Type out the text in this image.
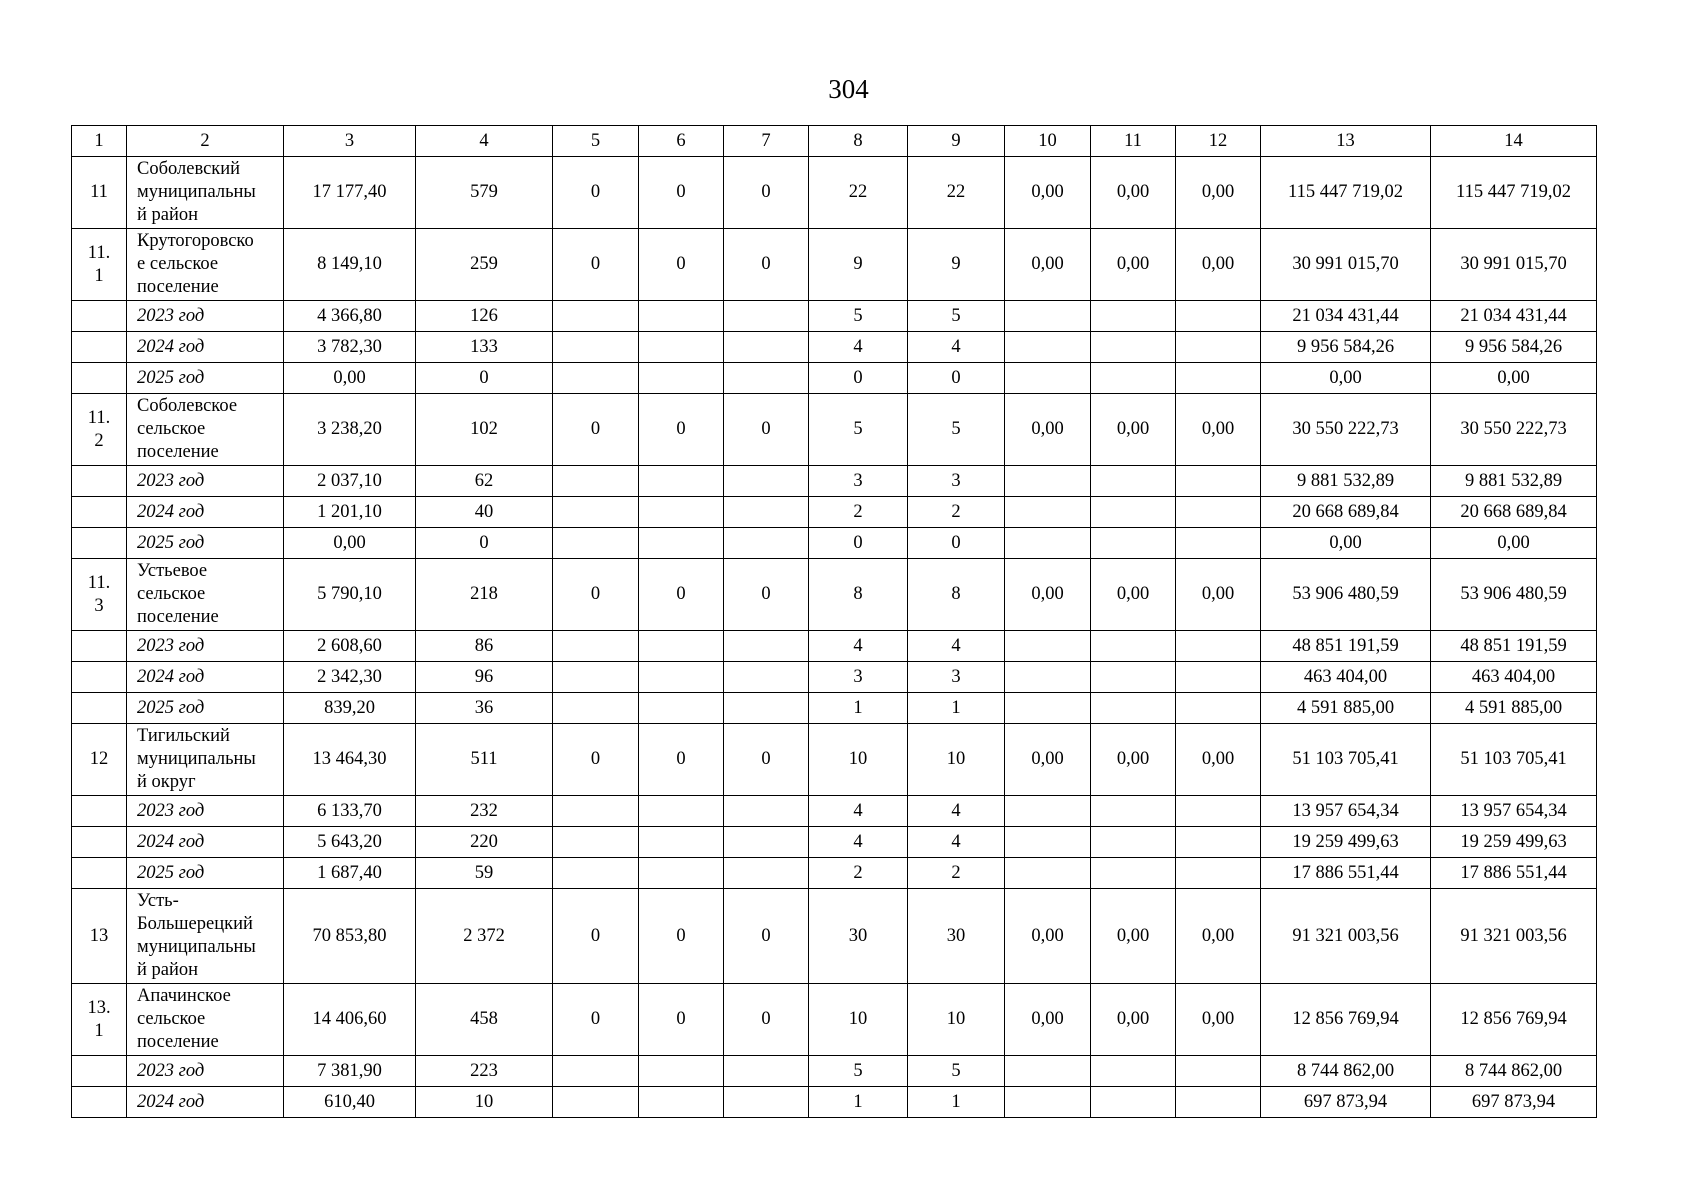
304
1	2	3	4	5	6	7	8	9	10	11	12	13	14
11	Соболевский
муниципальны
й район	17 177,40	579	0	0	0	22	22	0,00	0,00	0,00	115 447 719,02	115 447 719,02
11.
1	Крутогоровско
е сельское
поселение	8 149,10	259	0	0	0	9	9	0,00	0,00	0,00	30 991 015,70	30 991 015,70
	2023 год	4 366,80	126				5	5				21 034 431,44	21 034 431,44
	2024 год	3 782,30	133				4	4				9 956 584,26	9 956 584,26
	2025 год	0,00	0				0	0				0,00	0,00
11.
2	Соболевское
сельское
поселение	3 238,20	102	0	0	0	5	5	0,00	0,00	0,00	30 550 222,73	30 550 222,73
	2023 год	2 037,10	62				3	3				9 881 532,89	9 881 532,89
	2024 год	1 201,10	40				2	2				20 668 689,84	20 668 689,84
	2025 год	0,00	0				0	0				0,00	0,00
11.
3	Устьевое
сельское
поселение	5 790,10	218	0	0	0	8	8	0,00	0,00	0,00	53 906 480,59	53 906 480,59
	2023 год	2 608,60	86				4	4				48 851 191,59	48 851 191,59
	2024 год	2 342,30	96				3	3				463 404,00	463 404,00
	2025 год	839,20	36				1	1				4 591 885,00	4 591 885,00
12	Тигильский
муниципальны
й округ	13 464,30	511	0	0	0	10	10	0,00	0,00	0,00	51 103 705,41	51 103 705,41
	2023 год	6 133,70	232				4	4				13 957 654,34	13 957 654,34
	2024 год	5 643,20	220				4	4				19 259 499,63	19 259 499,63
	2025 год	1 687,40	59				2	2				17 886 551,44	17 886 551,44
13	Усть-
Большерецкий
муниципальны
й район	70 853,80	2 372	0	0	0	30	30	0,00	0,00	0,00	91 321 003,56	91 321 003,56
13.
1	Апачинское
сельское
поселение	14 406,60	458	0	0	0	10	10	0,00	0,00	0,00	12 856 769,94	12 856 769,94
	2023 год	7 381,90	223				5	5				8 744 862,00	8 744 862,00
	2024 год	610,40	10				1	1				697 873,94	697 873,94
